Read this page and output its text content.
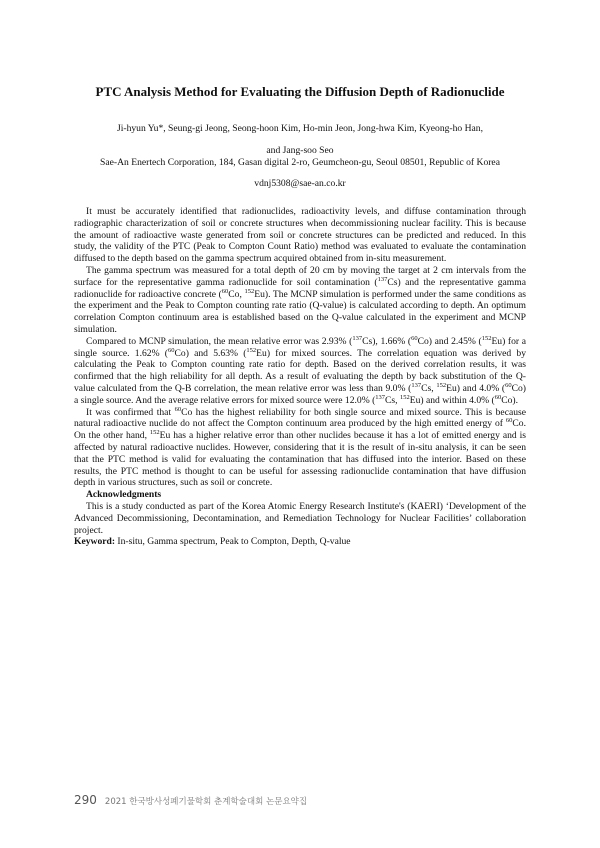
PTC Analysis Method for Evaluating the Diffusion Depth of Radionuclide
Ji-hyun Yu*, Seung-gi Jeong, Seong-hoon Kim, Ho-min Jeon, Jong-hwa Kim, Kyeong-ho Han,
and Jang-soo Seo
Sae-An Enertech Corporation, 184, Gasan digital 2-ro, Geumcheon-gu, Seoul 08501, Republic of Korea
vdnj5308@sae-an.co.kr

It must be accurately identified that radionuclides, radioactivity levels, and diffuse contamination through radiographic characterization of soil or concrete structures when decommissioning nuclear facility. This is because the amount of radioactive waste generated from soil or concrete structures can be predicted and reduced. In this study, the validity of the PTC (Peak to Compton Count Ratio) method was evaluated to evaluate the contamination diffused to the depth based on the gamma spectrum acquired obtained from in-situ measurement.

The gamma spectrum was measured for a total depth of 20 cm by moving the target at 2 cm intervals from the surface for the representative gamma radionuclide for soil contamination ($^{137}$Cs) and the representative gamma radionuclide for radioactive concrete ($^{60}$Co, $^{152}$Eu). The MCNP simulation is performed under the same conditions as the experiment and the Peak to Compton counting rate ratio (Q-value) is calculated according to depth. An optimum correlation Compton continuum area is established based on the Q-value calculated in the experiment and MCNP simulation.

Compared to MCNP simulation, the mean relative error was 2.93% ($^{137}$Cs), 1.66% ($^{60}$Co) and 2.45% ($^{152}$Eu) for a single source. 1.62% ($^{60}$Co) and 5.63% ($^{152}$Eu) for mixed sources. The correlation equation was derived by calculating the Peak to Compton counting rate ratio for depth. Based on the derived correlation results, it was confirmed that the high reliability for all depth. As a result of evaluating the depth by back substitution of the Q-value calculated from the Q-B correlation, the mean relative error was less than 9.0% ($^{137}$Cs, $^{152}$Eu) and 4.0% ($^{60}$Co) a single source. And the average relative errors for mixed source were 12.0% ($^{137}$Cs, $^{152}$Eu) and within 4.0% ($^{60}$Co).

It was confirmed that $^{60}$Co has the highest reliability for both single source and mixed source. This is because natural radioactive nuclide do not affect the Compton continuum area produced by the high emitted energy of $^{60}$Co. On the other hand, $^{152}$Eu has a higher relative error than other nuclides because it has a lot of emitted energy and is affected by natural radioactive nuclides. However, considering that it is the result of in-situ analysis, it can be seen that the PTC method is valid for evaluating the contamination that has diffused into the interior. Based on these results, the PTC method is thought to can be useful for assessing radionuclide contamination that have diffusion depth in various structures, such as soil or concrete.

Acknowledgments

This is a study conducted as part of the Korea Atomic Energy Research Institute's (KAERI) ‘Development of the Advanced Decommissioning, Decontamination, and Remediation Technology for Nuclear Facilities’ collaboration project.

Keyword: In-situ, Gamma spectrum, Peak to Compton, Depth, Q-value

290 2021 한국방사성폐기물학회 춘계학술대회 논문요약집
